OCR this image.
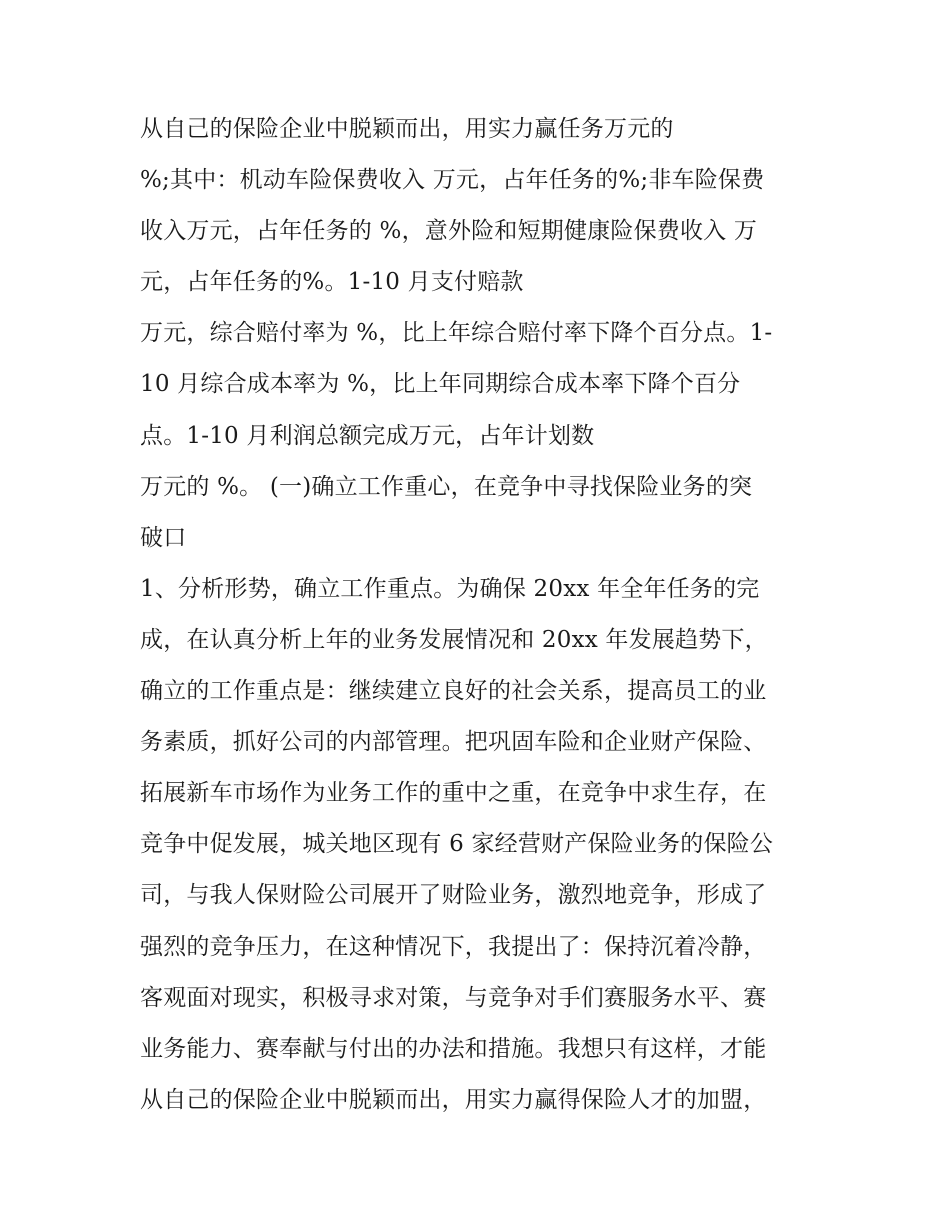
从自己的保险企业中脱颖而出，用实力赢任务万元的
%;其中：机动车险保费收入 万元，占年任务的%;非车险保费
收入万元，占年任务的 %，意外险和短期健康险保费收入 万
元，占年任务的%。1-10 月支付赔款
万元，综合赔付率为 %，比上年综合赔付率下降个百分点。1-
10 月综合成本率为 %，比上年同期综合成本率下降个百分
点。1-10 月利润总额完成万元，占年计划数
万元的 %。 (一)确立工作重心，在竞争中寻找保险业务的突
破口
1、分析形势，确立工作重点。为确保 20xx 年全年任务的完
成，在认真分析上年的业务发展情况和 20xx 年发展趋势下，
确立的工作重点是：继续建立良好的社会关系，提高员工的业
务素质，抓好公司的内部管理。把巩固车险和企业财产保险、
拓展新车市场作为业务工作的重中之重，在竞争中求生存，在
竞争中促发展，城关地区现有 6 家经营财产保险业务的保险公
司，与我人保财险公司展开了财险业务，激烈地竞争，形成了
强烈的竞争压力，在这种情况下，我提出了：保持沉着冷静，
客观面对现实，积极寻求对策，与竞争对手们赛服务水平、赛
业务能力、赛奉献与付出的办法和措施。我想只有这样，才能
从自己的保险企业中脱颖而出，用实力赢得保险人才的加盟，
